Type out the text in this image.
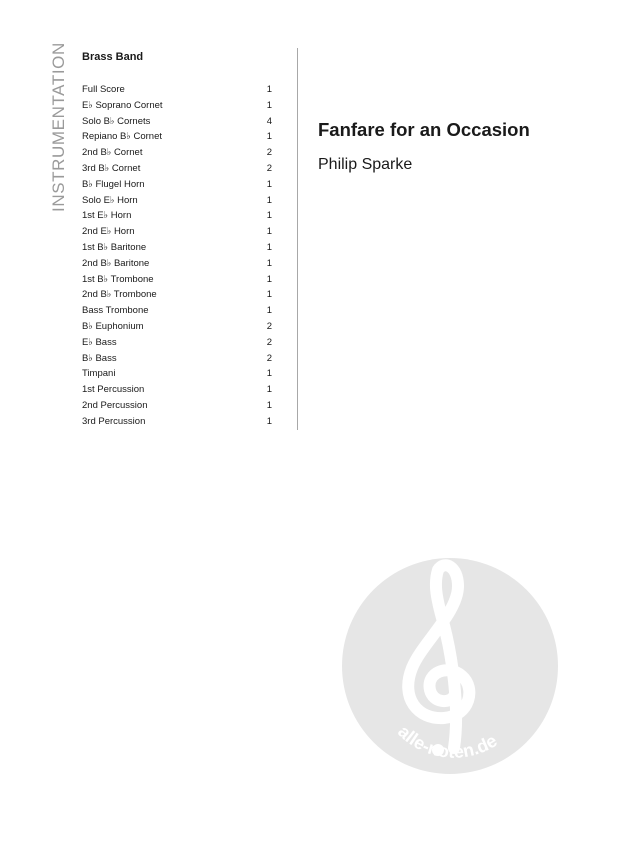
INSTRUMENTATION Brass Band
Full Score	1
E♭ Soprano Cornet	1
Solo B♭ Cornets	4
Repiano B♭ Cornet	1
2nd B♭ Cornet	2
3rd B♭ Cornet	2
B♭ Flugel Horn	1
Solo E♭ Horn	1
1st E♭ Horn	1
2nd E♭ Horn	1
1st B♭ Baritone	1
2nd B♭ Baritone	1
1st B♭ Trombone	1
2nd B♭ Trombone	1
Bass Trombone	1
B♭ Euphonium	2
E♭ Bass	2
B♭ Bass	2
Timpani	1
1st Percussion	1
2nd Percussion	1
3rd Percussion	1
Fanfare for an Occasion
Philip Sparke
alle-noten.de
